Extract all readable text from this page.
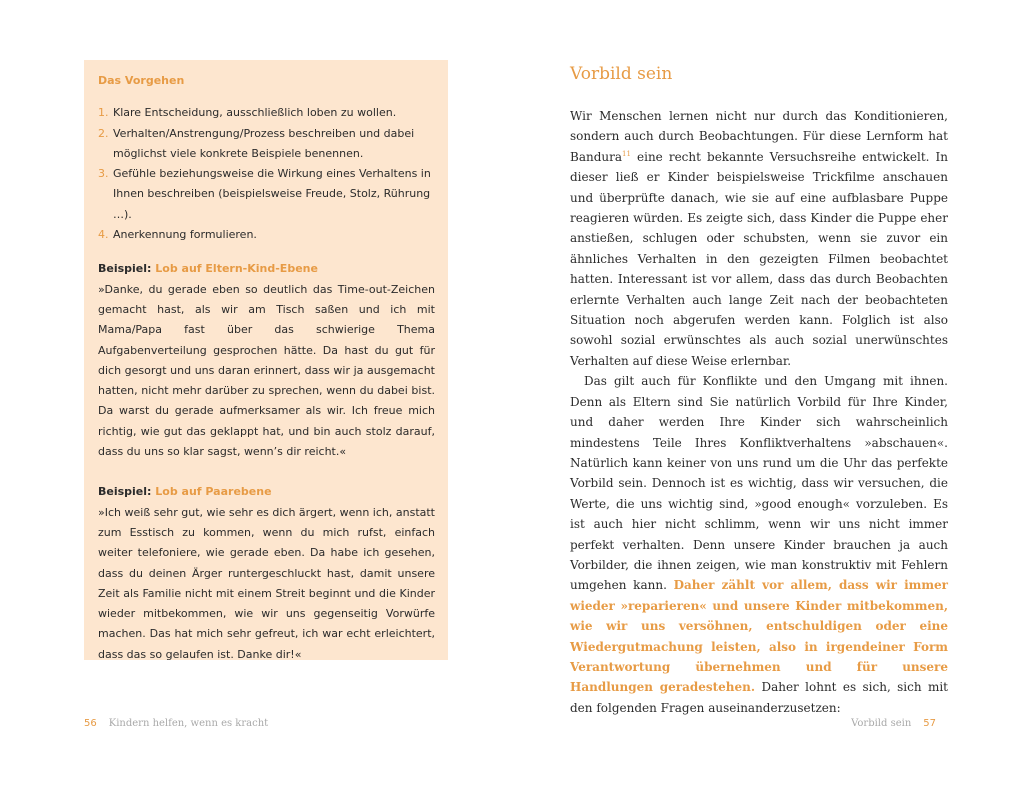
Das Vorgehen
1. Klare Entscheidung, ausschließlich loben zu wollen.
2. Verhalten/Anstrengung/Prozess beschreiben und dabei möglichst viele konkrete Beispiele benennen.
3. Gefühle beziehungsweise die Wirkung eines Verhaltens in Ihnen beschreiben (beispielsweise Freude, Stolz, Rührung …).
4. Anerkennung formulieren.
Beispiel: Lob auf Eltern-Kind-Ebene
»Danke, du gerade eben so deutlich das Time-out-Zeichen gemacht hast, als wir am Tisch saßen und ich mit Mama/Papa fast über das schwierige Thema Aufgabenverteilung gesprochen hätte. Da hast du gut für dich gesorgt und uns daran erinnert, dass wir ja ausgemacht hatten, nicht mehr darüber zu sprechen, wenn du dabei bist. Da warst du gerade aufmerksamer als wir. Ich freue mich richtig, wie gut das geklappt hat, und bin auch stolz darauf, dass du uns so klar sagst, wenn’s dir reicht.«
Beispiel: Lob auf Paarebene
»Ich weiß sehr gut, wie sehr es dich ärgert, wenn ich, anstatt zum Esstisch zu kommen, wenn du mich rufst, einfach weiter telefoniere, wie gerade eben. Da habe ich gesehen, dass du deinen Ärger runtergeschluckt hast, damit unsere Zeit als Familie nicht mit einem Streit beginnt und die Kinder wieder mitbekommen, wie wir uns gegenseitig Vorwürfe machen. Das hat mich sehr gefreut, ich war echt erleichtert, dass das so gelaufen ist. Danke dir!«
56 Kindern helfen, wenn es kracht
Vorbild sein

Wir Menschen lernen nicht nur durch das Konditionieren, sondern auch durch Beobachtungen. Für diese Lernform hat Bandura$^{11}$ eine recht bekannte Versuchsreihe entwickelt. In dieser ließ er Kinder beispielsweise Trickfilme anschauen und überprüfte danach, wie sie auf eine aufblasbare Puppe reagieren würden. Es zeigte sich, dass Kinder die Puppe eher anstießen, schlugen oder schubsten, wenn sie zuvor ein ähnliches Verhalten in den gezeigten Filmen beobachtet hatten. Interessant ist vor allem, dass das durch Beobachten erlernte Verhalten auch lange Zeit nach der beobachteten Situation noch abgerufen werden kann. Folglich ist also sowohl sozial erwünschtes als auch sozial unerwünschtes Verhalten auf diese Weise erlernbar.

Das gilt auch für Konflikte und den Umgang mit ihnen. Denn als Eltern sind Sie natürlich Vorbild für Ihre Kinder, und daher werden Ihre Kinder sich wahrscheinlich mindestens Teile Ihres Konfliktverhaltens »abschauen«. Natürlich kann keiner von uns rund um die Uhr das perfekte Vorbild sein. Dennoch ist es wichtig, dass wir versuchen, die Werte, die uns wichtig sind, »good enough« vorzuleben. Es ist auch hier nicht schlimm, wenn wir uns nicht immer perfekt verhalten. Denn unsere Kinder brauchen ja auch Vorbilder, die ihnen zeigen, wie man konstruktiv mit Fehlern umgehen kann. Daher zählt vor allem, dass wir immer wieder »reparieren« und unsere Kinder mitbekommen, wie wir uns versöhnen, entschuldigen oder eine Wiedergutmachung leisten, also in irgendeiner Form Verantwortung übernehmen und für unsere Handlungen geradestehen. Daher lohnt es sich, sich mit den folgenden Fragen auseinanderzusetzen:

Vorbild sein 57
